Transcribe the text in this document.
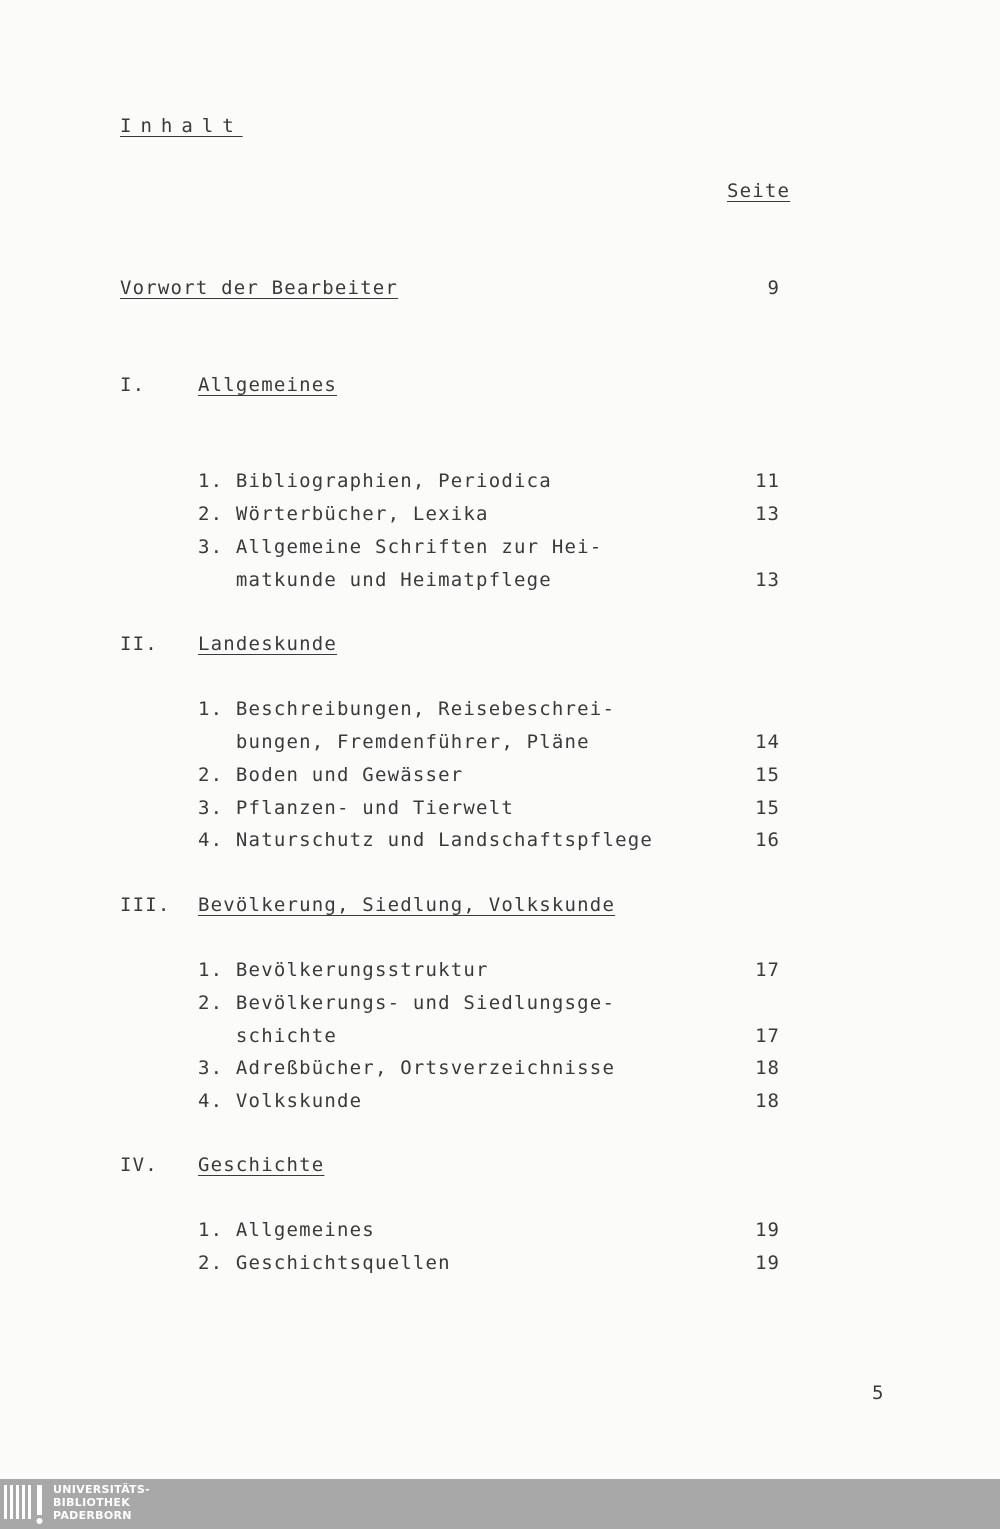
Inhalt
Seite
Vorwort der Bearbeiter	9
I.	Allgemeines
1. Bibliographien, Periodica	11
2. Wörterbücher, Lexika	13
3. Allgemeine Schriften zur Hei-
matkunde und Heimatpflege	13
II. Landeskunde
1. Beschreibungen, Reisebeschrei-
bungen, Fremdenführer, Pläne	14
2. Boden und Gewässer	15
3. Pflanzen- und Tierwelt	15
4. Naturschutz und Landschaftspflege	16
III. Bevölkerung, Siedlung, Volkskunde
1. Bevölkerungsstruktur	17
2. Bevölkerungs- und Siedlungsge-
schichte	17
3. Adreßbücher, Ortsverzeichnisse	18
4. Volkskunde	18
IV. Geschichte
1. Allgemeines	19
2. Geschichtsquellen	19
5
UNIVERSITÄTS-
BIBLIOTHEK
PADERBORN
